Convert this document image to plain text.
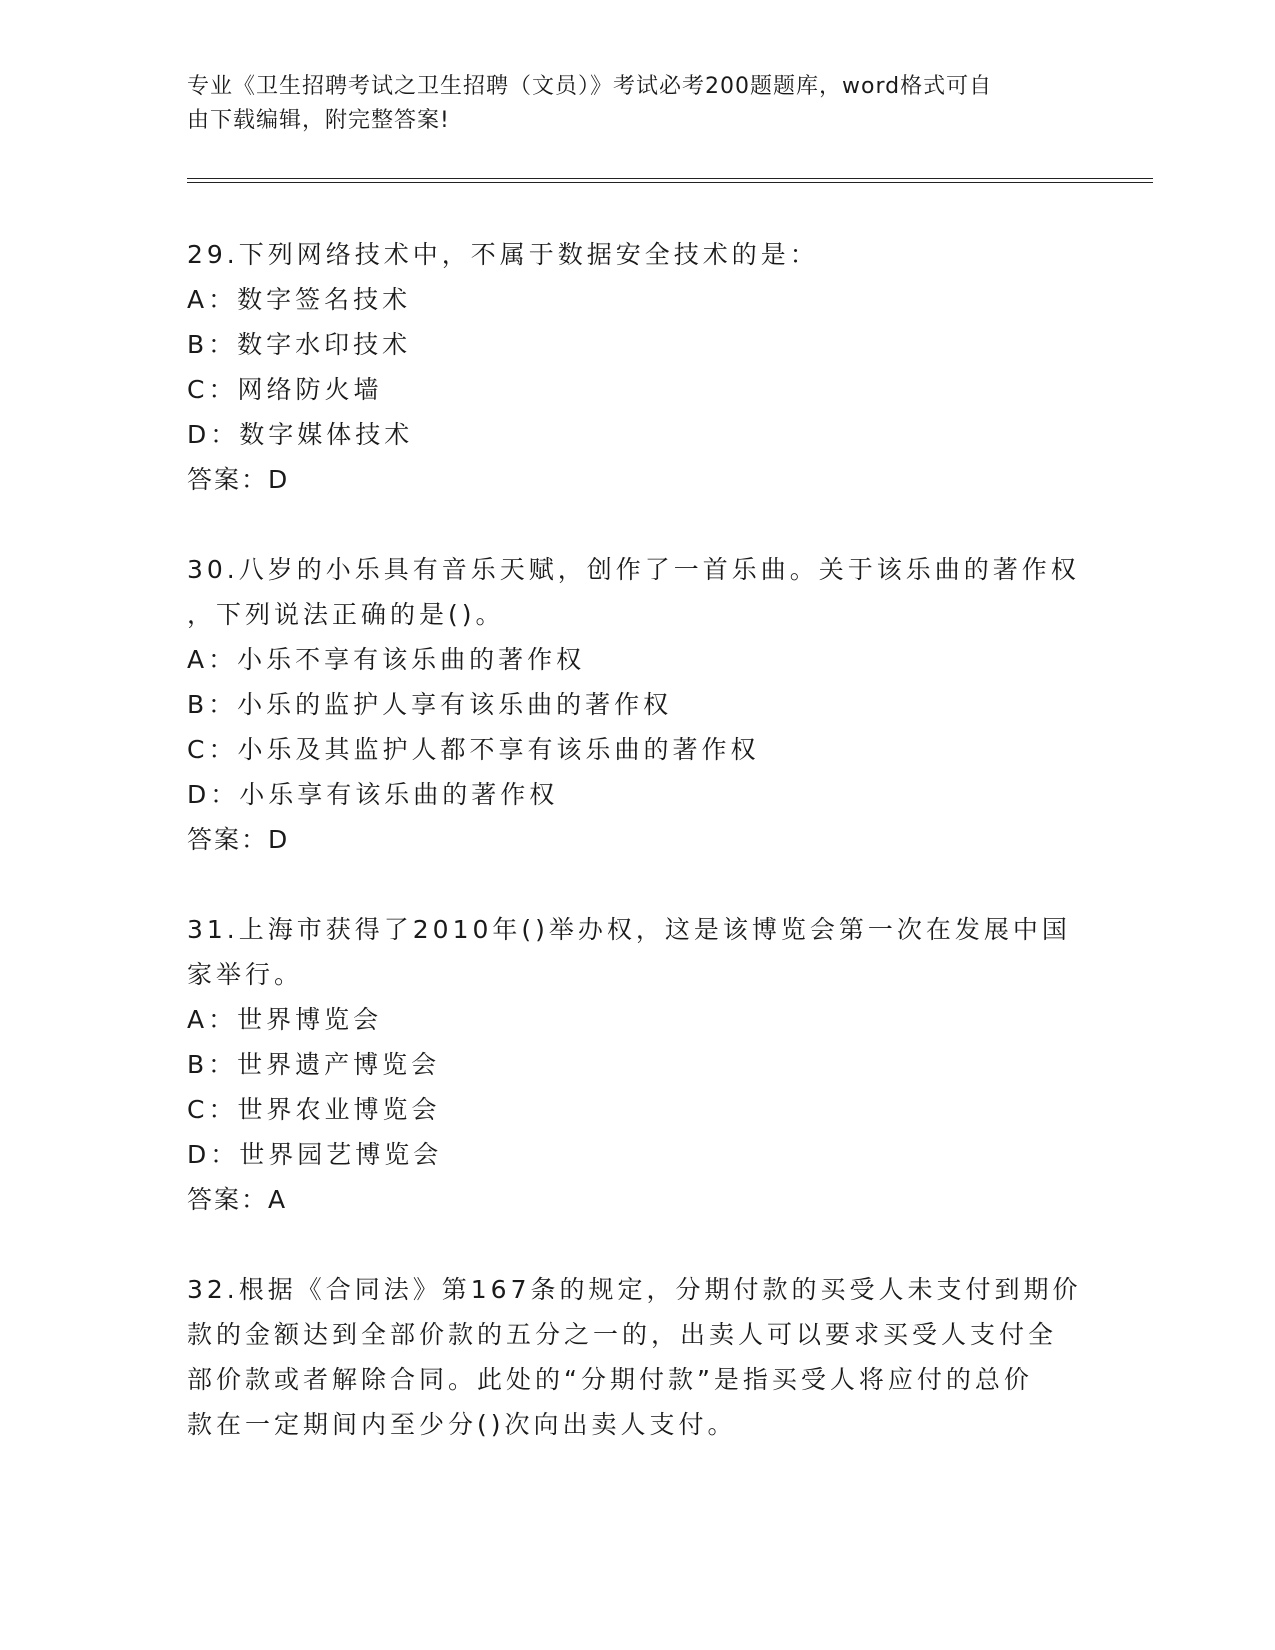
专业《卫生招聘考试之卫生招聘（文员）》考试必考200题题库，word格式可自
由下载编辑，附完整答案!
29.下列网络技术中，不属于数据安全技术的是：
A：数字签名技术
B：数字水印技术
C：网络防火墙
D：数字媒体技术
答案：D
30.八岁的小乐具有音乐天赋，创作了一首乐曲。关于该乐曲的著作权
，下列说法正确的是()。
A：小乐不享有该乐曲的著作权
B：小乐的监护人享有该乐曲的著作权
C：小乐及其监护人都不享有该乐曲的著作权
D：小乐享有该乐曲的著作权
答案：D
31.上海市获得了2010年()举办权，这是该博览会第一次在发展中国
家举行。
A：世界博览会
B：世界遗产博览会
C：世界农业博览会
D：世界园艺博览会
答案：A
32.根据《合同法》第167条的规定，分期付款的买受人未支付到期价
款的金额达到全部价款的五分之一的，出卖人可以要求买受人支付全
部价款或者解除合同。此处的“分期付款”是指买受人将应付的总价
款在一定期间内至少分()次向出卖人支付。
